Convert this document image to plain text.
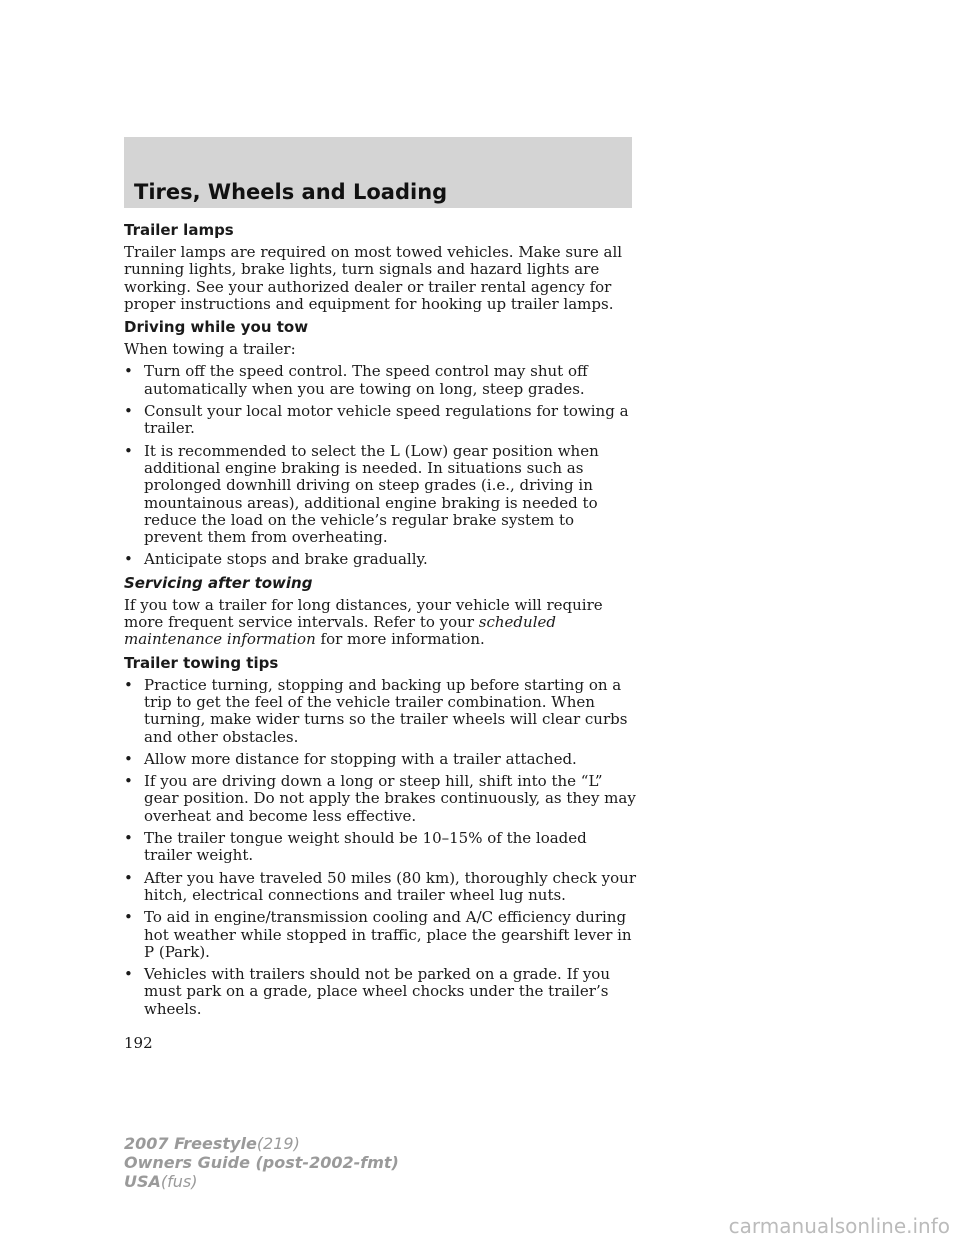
Tires, Wheels and Loading
Trailer lamps

Trailer lamps are required on most towed vehicles. Make sure all running lights, brake lights, turn signals and hazard lights are working. See your authorized dealer or trailer rental agency for proper instructions and equipment for hooking up trailer lamps.

Driving while you tow

When towing a trailer:

• Turn off the speed control. The speed control may shut off automatically when you are towing on long, steep grades.
• Consult your local motor vehicle speed regulations for towing a trailer.
• It is recommended to select the L (Low) gear position when additional engine braking is needed. In situations such as prolonged downhill driving on steep grades (i.e., driving in mountainous areas), additional engine braking is needed to reduce the load on the vehicle’s regular brake system to prevent them from overheating.
• Anticipate stops and brake gradually.
Servicing after towing

If you tow a trailer for long distances, your vehicle will require more frequent service intervals. Refer to your scheduled maintenance information for more information.

Trailer towing tips
• Practice turning, stopping and backing up before starting on a trip to get the feel of the vehicle trailer combination. When turning, make wider turns so the trailer wheels will clear curbs and other obstacles.
• Allow more distance for stopping with a trailer attached.
• If you are driving down a long or steep hill, shift into the “L” gear position. Do not apply the brakes continuously, as they may overheat and become less effective.
• The trailer tongue weight should be 10–15% of the loaded trailer weight.
• After you have traveled 50 miles (80 km), thoroughly check your hitch, electrical connections and trailer wheel lug nuts.
• To aid in engine/transmission cooling and A/C efficiency during hot weather while stopped in traffic, place the gearshift lever in P (Park).
• Vehicles with trailers should not be parked on a grade. If you must park on a grade, place wheel chocks under the trailer’s wheels.
192
2007 Freestyle(219)
Owners Guide (post-2002-fmt)
USA(fus)
carmanualsonline.info
